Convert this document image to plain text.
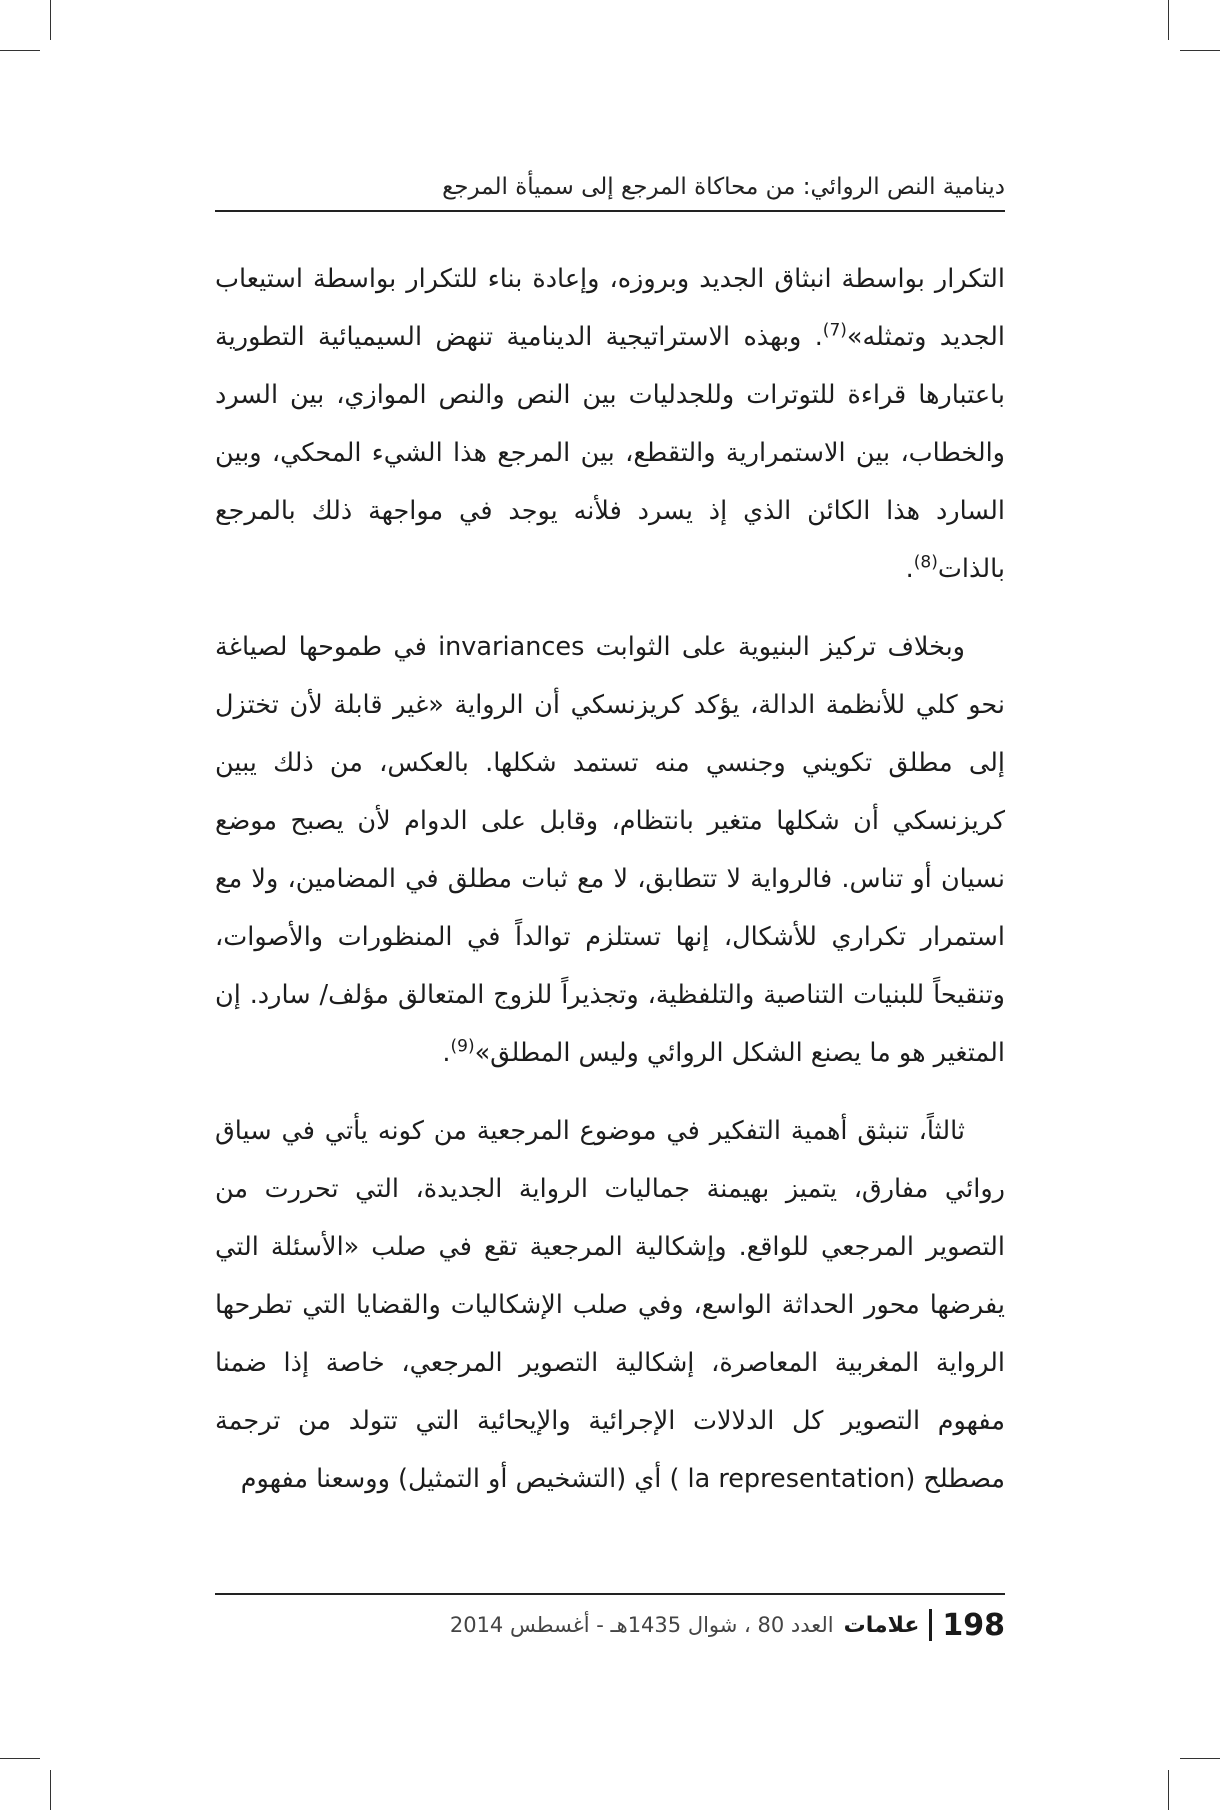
دينامية النص الروائي: من محاكاة المرجع إلى سميأة المرجع

التكرار بواسطة انبثاق الجديد وبروزه، وإعادة بناء للتكرار بواسطة استيعاب الجديد وتمثله»$^{(7)}$. وبهذه الاستراتيجية الدينامية تنهض السيميائية التطورية باعتبارها قراءة للتوترات وللجدليات بين النص والنص الموازي، بين السرد والخطاب، بين الاستمرارية والتقطع، بين المرجع هذا الشيء المحكي، وبين السارد هذا الكائن الذي إذ يسرد فلأنه يوجد في مواجهة ذلك بالمرجع بالذات$^{(8)}$.

وبخلاف تركيز البنيوية على الثوابت invariances في طموحها لصياغة نحو كلي للأنظمة الدالة، يؤكد كريزنسكي أن الرواية «غير قابلة لأن تختزل إلى مطلق تكويني وجنسي منه تستمد شكلها. بالعكس، من ذلك يبين كريزنسكي أن شكلها متغير بانتظام، وقابل على الدوام لأن يصبح موضع نسيان أو تناس. فالرواية لا تتطابق، لا مع ثبات مطلق في المضامين، ولا مع استمرار تكراري للأشكال، إنها تستلزم توالداً في المنظورات والأصوات، وتنقيحاً للبنيات التناصية والتلفظية، وتجذيراً للزوج المتعالق مؤلف/ سارد. إن المتغير هو ما يصنع الشكل الروائي وليس المطلق»$^{(9)}$.

ثالثاً، تنبثق أهمية التفكير في موضوع المرجعية من كونه يأتي في سياق روائي مفارق، يتميز بهيمنة جماليات الرواية الجديدة، التي تحررت من التصوير المرجعي للواقع. وإشكالية المرجعية تقع في صلب «الأسئلة التي يفرضها محور الحداثة الواسع، وفي صلب الإشكاليات والقضايا التي تطرحها الرواية المغربية المعاصرة، إشكالية التصوير المرجعي، خاصة إذا ضمنا مفهوم التصوير كل الدلالات الإجرائية والإيحائية التي تتولد من ترجمة مصطلح (la representation ) أي (التشخيص أو التمثيل) ووسعنا مفهوم

198
علامات
العدد 80 ، شوال 1435هـ - أغسطس 2014
